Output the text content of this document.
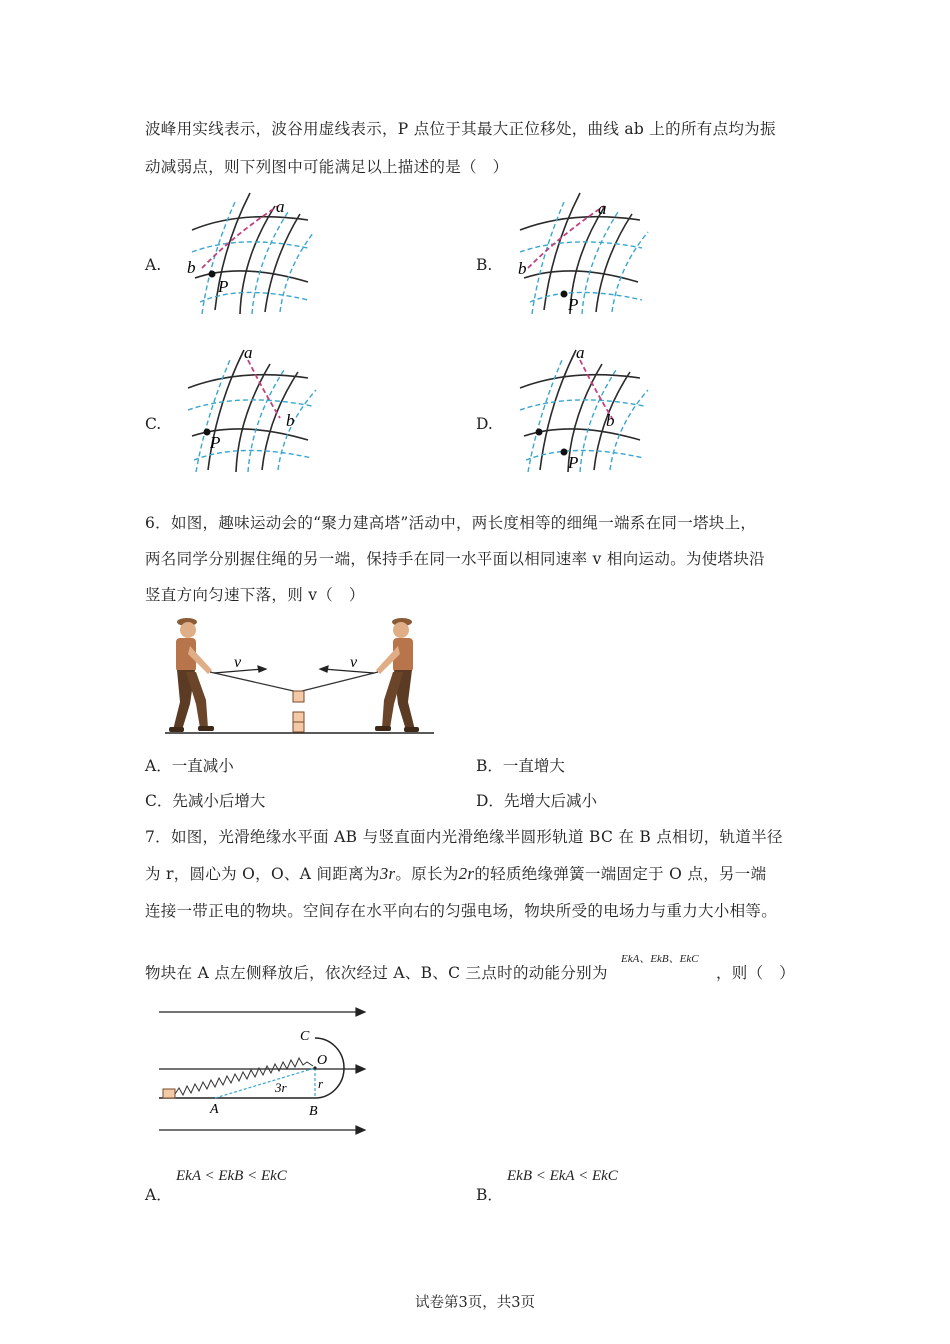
波峰用实线表示，波谷用虚线表示，P 点位于其最大正位移处，曲线 ab 上的所有点均为振
动减弱点，则下列图中可能满足以上描述的是（　）
A.
a
b
P
B.
a
b
P
C.
a
b
P
D.
a
b
P
6．如图，趣味运动会的“聚力建高塔”活动中，两长度相等的细绳一端系在同一塔块上，
两名同学分别握住绳的另一端，保持手在同一水平面以相同速率 v 相向运动。为使塔块沿
竖直方向匀速下落，则 v（　）
v	v
A．一直减小	B．一直增大
C．先减小后增大	D．先增大后减小
7．如图，光滑绝缘水平面 AB 与竖直面内光滑绝缘半圆形轨道 BC 在 B 点相切，轨道半径
为 r，圆心为 O，O、A 间距离为3r。原长为2r的轻质绝缘弹簧一端固定于 O 点，另一端
连接一带正电的物块。空间存在水平向右的匀强电场，物块所受的电场力与重力大小相等。
物块在 A 点左侧释放后，依次经过 A、B、C 三点时的动能分别为
EkA、EkB、EkC
，则（　）
C
O
3r r
A	B
A．
EkA < EkB < EkC
B．
EkB < EkA < EkC
试卷第3页，共3页
